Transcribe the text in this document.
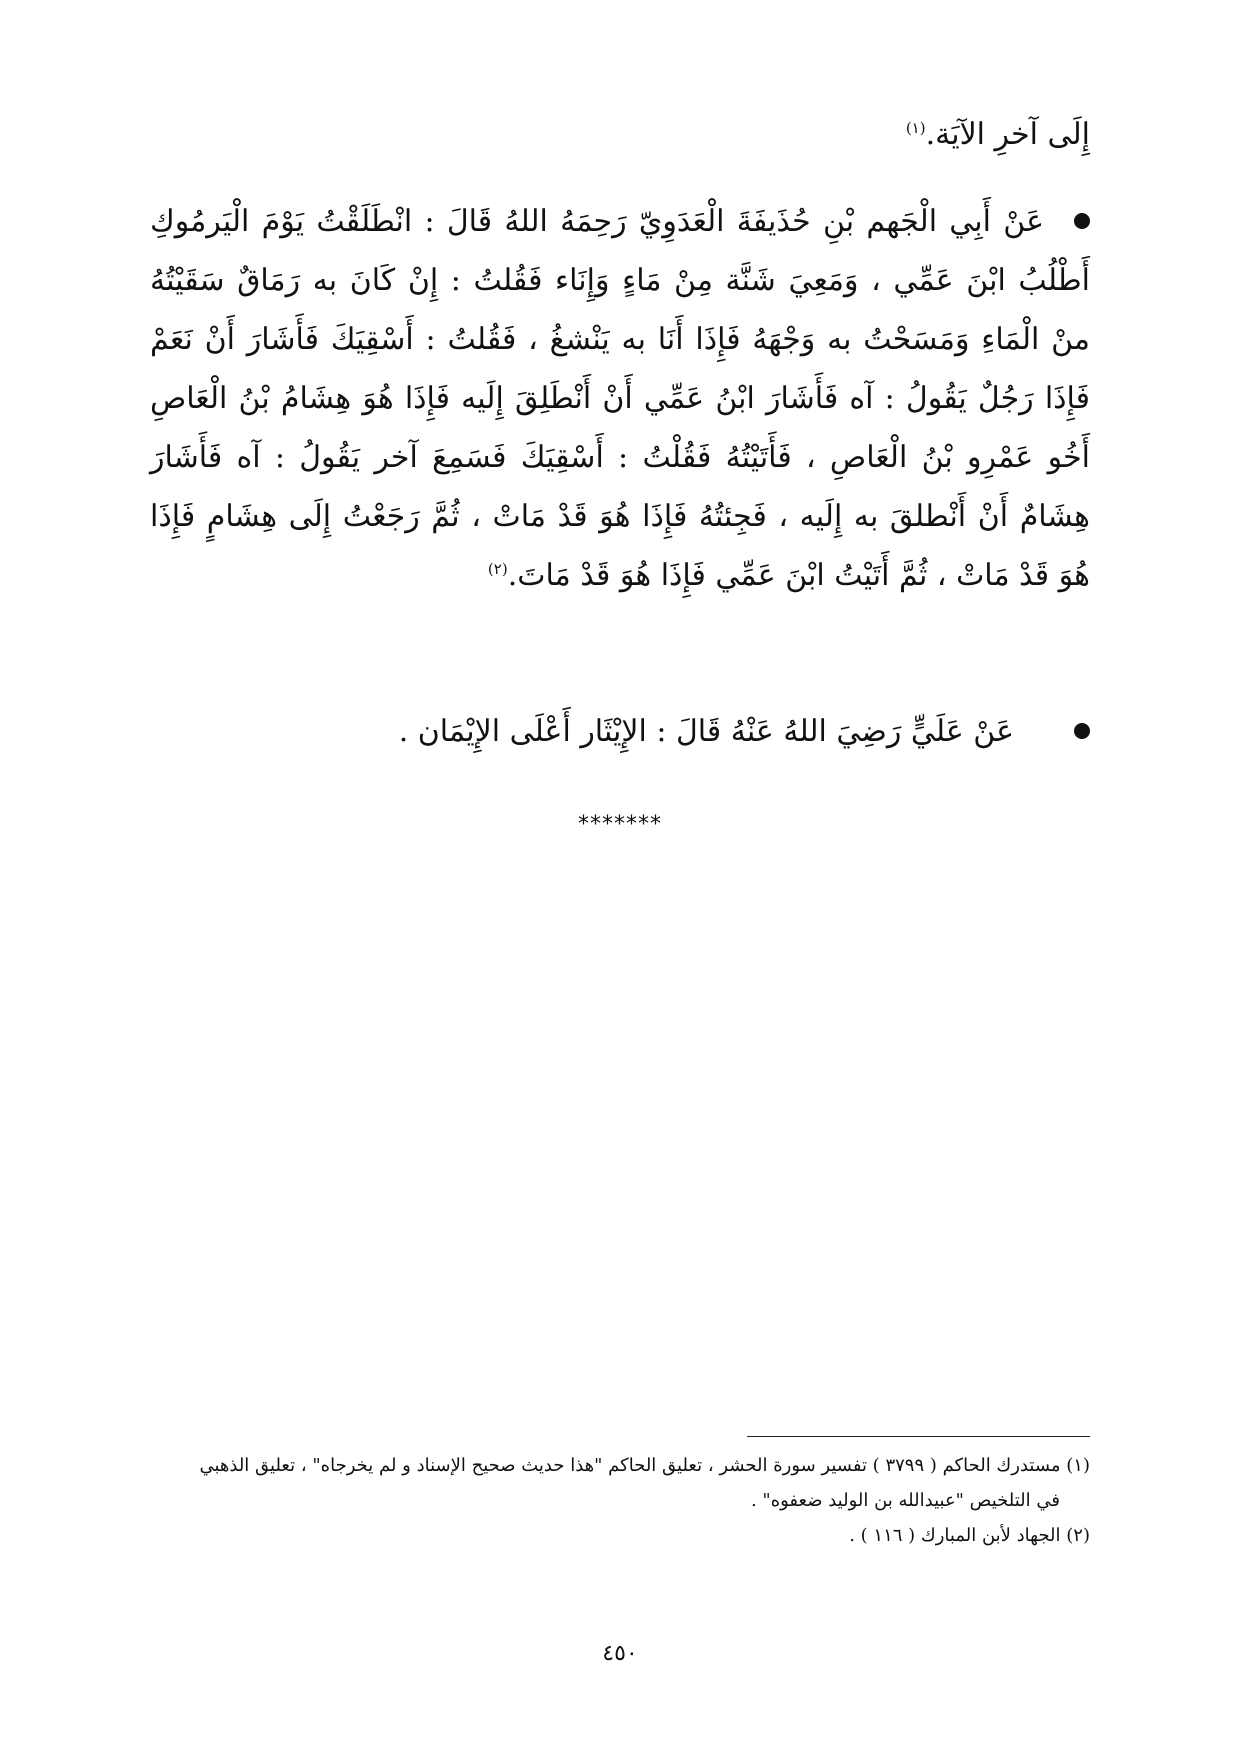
إِلَى آخرِ الآيَة.$^{(١)}$
عَنْ أَبِي الْجَهم بْنِ حُذَيفَةَ الْعَدَوِيّ رَحِمَهُ اللهُ قَالَ : انْطَلَقْتُ يَوْمَ الْيَرمُوكِ أَطْلُبُ ابْنَ عَمِّي ، وَمَعِيَ شَنَّة مِنْ مَاءٍ وَإِنَاء فَقُلتُ : إِنْ كَانَ به رَمَاقٌ سَقَيْتُهُ منْ الْمَاءِ وَمَسَحْتُ به وَجْهَهُ فَإِذَا أَنَا به يَنْشغُ ، فَقُلتُ : أَسْقِيَكَ فَأَشَارَ أَنْ نَعَمْ فَإِذَا رَجُلٌ يَقُولُ : آه فَأَشَارَ ابْنُ عَمِّي أَنْ أَنْطَلِقَ إِلَيه فَإِذَا هُوَ هِشَامُ بْنُ الْعَاصِ أَخُو عَمْرِو بْنُ الْعَاصِ ، فَأَتَيْتُهُ فَقُلْتُ : أَسْقِيَكَ فَسَمِعَ آخر يَقُولُ : آه فَأَشَارَ هِشَامٌ أَنْ أَنْطلقَ به إِلَيه ، فَجِئتُهُ فَإِذَا هُوَ قَدْ مَاتْ ، ثُمَّ رَجَعْتُ إِلَى هِشَامٍ فَإِذَا هُوَ قَدْ مَاتْ ، ثُمَّ أَتَيْتُ ابْنَ عَمِّي فَإِذَا هُوَ قَدْ مَاتَ.$^{(٢)}$
عَنْ عَلَيٍّ رَضِيَ اللهُ عَنْهُ قَالَ : الإِيْثَار أَعْلَى الإِيْمَان .
*******
(١) مستدرك الحاكم ( ٣٧٩٩ ) تفسير سورة الحشر ، تعليق الحاكم "هذا حديث صحيح الإسناد و لم يخرجاه" ، تعليق الذهبي
في التلخيص "عبيدالله بن الوليد ضعفوه" .
(٢) الجهاد لأبن المبارك ( ١١٦ ) .
٤٥٠
